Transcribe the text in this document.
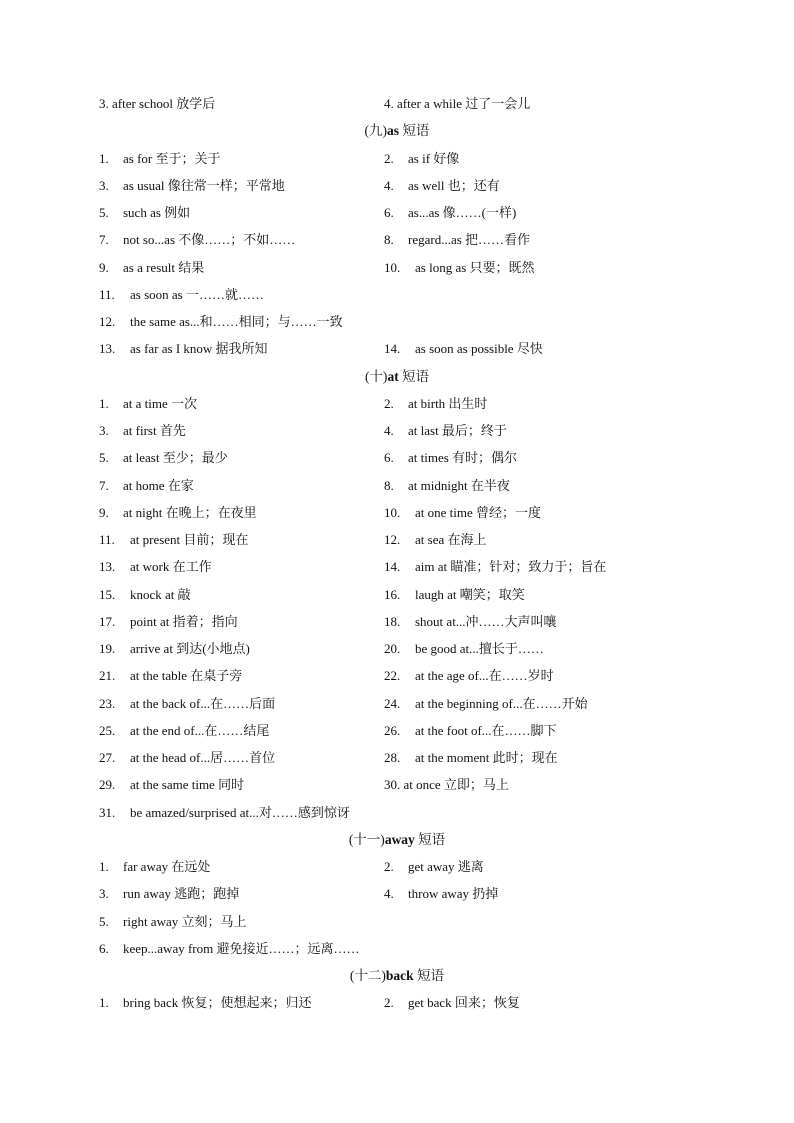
3. after school 放学后	4. after a while 过了一会儿
(九)as 短语
1. as for 至于；关于	2. as if 好像
3. as usual 像往常一样；平常地	4. as well 也；还有
5. such as 例如	6. as...as 像……(一样)
7. not so...as 不像……；不如……	8. regard...as 把……看作
9. as a result 结果	10. as long as 只要；既然
11. as soon as 一……就……
12. the same as...和……相同；与……一致
13. as far as I know 据我所知	14. as soon as possible 尽快
(十)at 短语
1. at a time 一次	2. at birth 出生时
3. at first 首先	4. at last 最后；终于
5. at least 至少；最少	6. at times 有时；偶尔
7. at home 在家	8. at midnight 在半夜
9. at night 在晚上；在夜里	10. at one time 曾经；一度
11. at present 目前；现在	12. at sea 在海上
13. at work 在工作	14. aim at 瞄准；针对；致力于；旨在
15. knock at 敲	16. laugh at 嘲笑；取笑
17. point at 指着；指向	18. shout at...冲……大声叫嚷
19. arrive at 到达(小地点)	20. be good at...擅长于……
21. at the table 在桌子旁	22. at the age of...在……岁时
23. at the back of...在……后面	24. at the beginning of...在……开始
25. at the end of...在……结尾	26. at the foot of...在……脚下
27. at the head of...居……首位	28. at the moment 此时；现在
29. at the same time 同时	30. at once 立即；马上
31. be amazed/surprised at...对……感到惊讶
(十一)away 短语
1. far away 在远处	2. get away 逃离
3. run away 逃跑；跑掉	4. throw away 扔掉
5. right away 立刻；马上
6. keep...away from 避免接近……；远离……
(十二)back 短语
1. bring back 恢复；使想起来；归还	2. get back 回来；恢复
